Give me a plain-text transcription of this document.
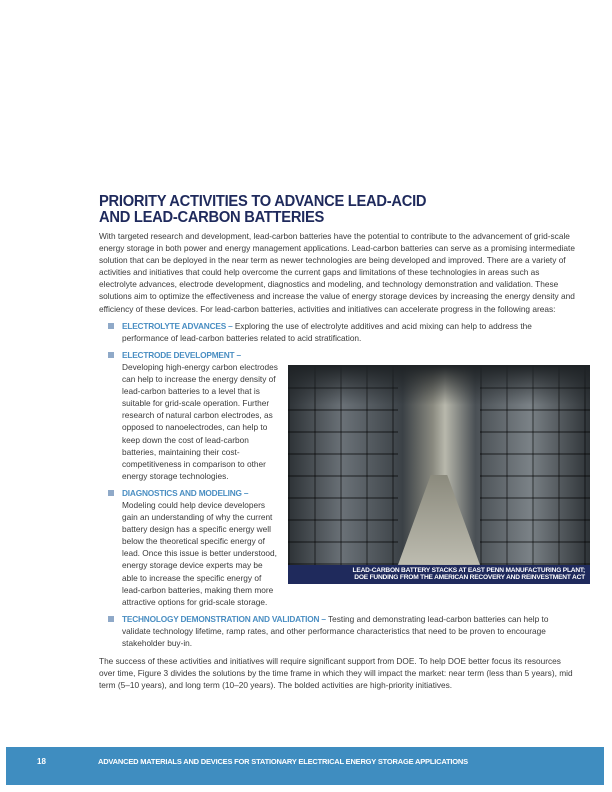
PRIORITY ACTIVITIES TO ADVANCE LEAD-ACID
AND LEAD-CARBON BATTERIES

With targeted research and development, lead-carbon batteries have the potential to contribute to the advancement of grid-scale energy storage in both power and energy management applications. Lead-carbon batteries can serve as a promising intermediate solution that can be deployed in the near term as newer technologies are being developed and improved. There are a variety of activities and initiatives that could help overcome the current gaps and limitations of these technologies in areas such as electrolyte advances, electrode development, diagnostics and modeling, and technology demonstration and validation. These solutions aim to optimize the effectiveness and increase the value of energy storage devices by increasing the energy density and efficiency of these devices. For lead-carbon batteries, activities and initiatives can accelerate progress in the following areas:

ELECTROLYTE ADVANCES – Exploring the use of electrolyte additives and acid mixing can help to address the performance of lead-carbon batteries related to acid stratification.
LEAD-CARBON BATTERY STACKS AT EAST PENN MANUFACTURING PLANT;
DOE FUNDING FROM THE AMERICAN RECOVERY AND REINVESTMENT ACT
ELECTRODE DEVELOPMENT – Developing high-energy carbon electrodes can help to increase the energy density of lead-carbon batteries to a level that is suitable for grid-scale operation. Further research of natural carbon electrodes, as opposed to nanoelectrodes, can help to keep down the cost of lead-carbon batteries, maintaining their cost-competitiveness in comparison to other energy storage technologies.
DIAGNOSTICS AND MODELING –
Modeling could help device developers gain an understanding of why the current battery design has a specific energy well below the theoretical specific energy of lead. Once this issue is better understood, energy storage device experts may be able to increase the specific energy of lead-carbon batteries, making them more attractive options for grid-scale storage.
TECHNOLOGY DEMONSTRATION AND VALIDATION – Testing and demonstrating lead-carbon batteries can help to validate technology lifetime, ramp rates, and other performance characteristics that need to be proven to encourage stakeholder buy-in.

The success of these activities and initiatives will require significant support from DOE. To help DOE better focus its resources over time, Figure 3 divides the solutions by the time frame in which they will impact the market: near term (less than 5 years), mid term (5–10 years), and long term (10–20 years). The bolded activities are high-priority initiatives.

18	ADVANCED MATERIALS AND DEVICES FOR STATIONARY ELECTRICAL ENERGY STORAGE APPLICATIONS
